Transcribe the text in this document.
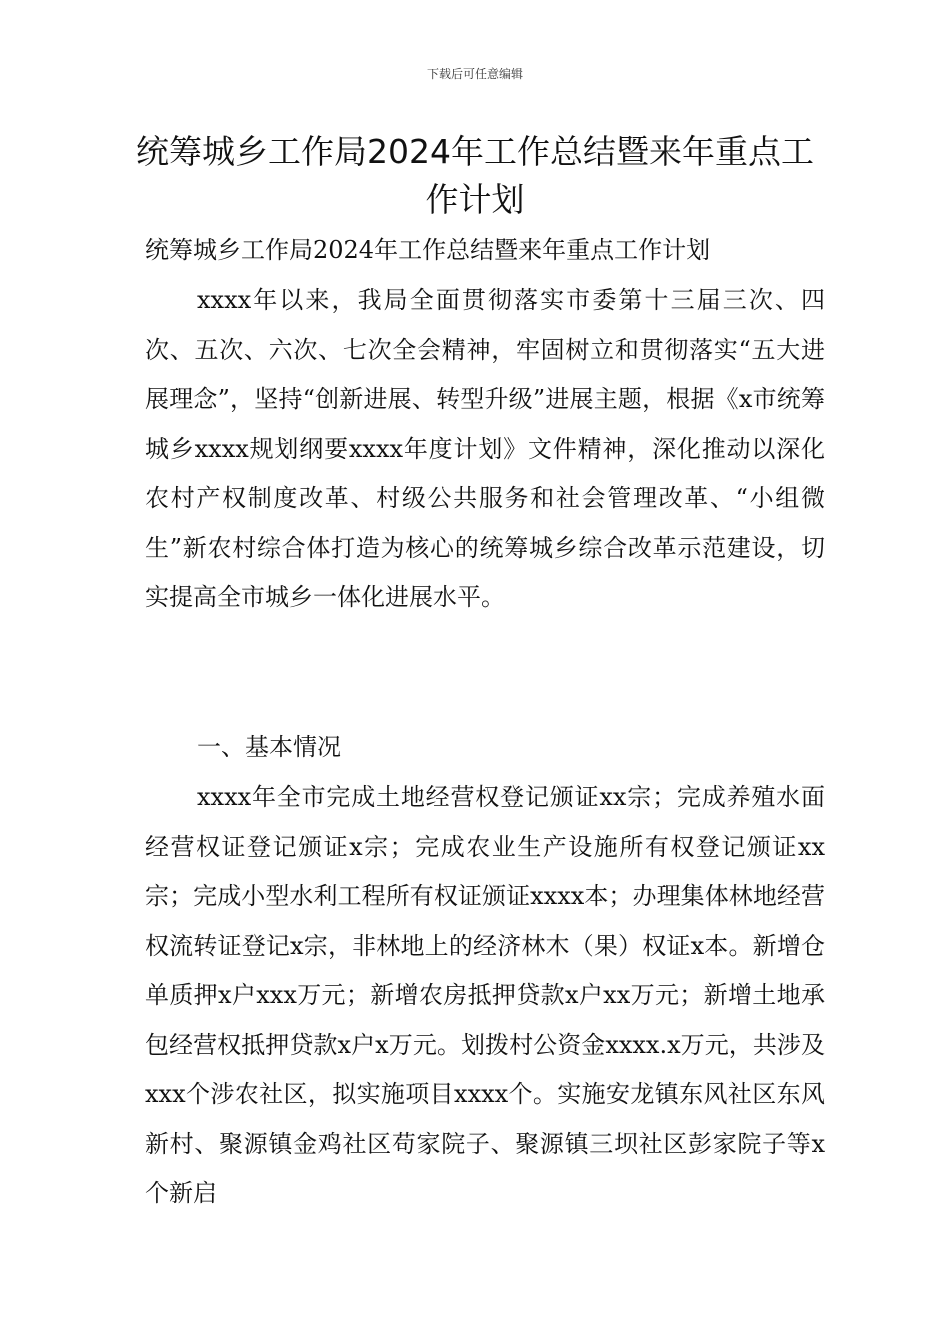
下载后可任意编辑
统筹城乡工作局2024年工作总结暨来年重点工作计划

统筹城乡工作局2024年工作总结暨来年重点工作计划

xxxx年以来，我局全面贯彻落实市委第十三届三次、四次、五次、六次、七次全会精神，牢固树立和贯彻落实“五大进展理念”，坚持“创新进展、转型升级”进展主题，根据《x市统筹城乡xxxx规划纲要xxxx年度计划》文件精神，深化推动以深化农村产权制度改革、村级公共服务和社会管理改革、“小组微生”新农村综合体打造为核心的统筹城乡综合改革示范建设，切实提高全市城乡一体化进展水平。

一、基本情况

xxxx年全市完成土地经营权登记颁证xx宗；完成养殖水面经营权证登记颁证x宗；完成农业生产设施所有权登记颁证xx宗；完成小型水利工程所有权证颁证xxxx本；办理集体林地经营权流转证登记x宗，非林地上的经济林木（果）权证x本。新增仓单质押x户xxx万元；新增农房抵押贷款x户xx万元；新增土地承包经营权抵押贷款x户x万元。划拨村公资金xxxx.x万元，共涉及xxx个涉农社区，拟实施项目xxxx个。实施安龙镇东风社区东风新村、聚源镇金鸡社区苟家院子、聚源镇三坝社区彭家院子等x个新启
